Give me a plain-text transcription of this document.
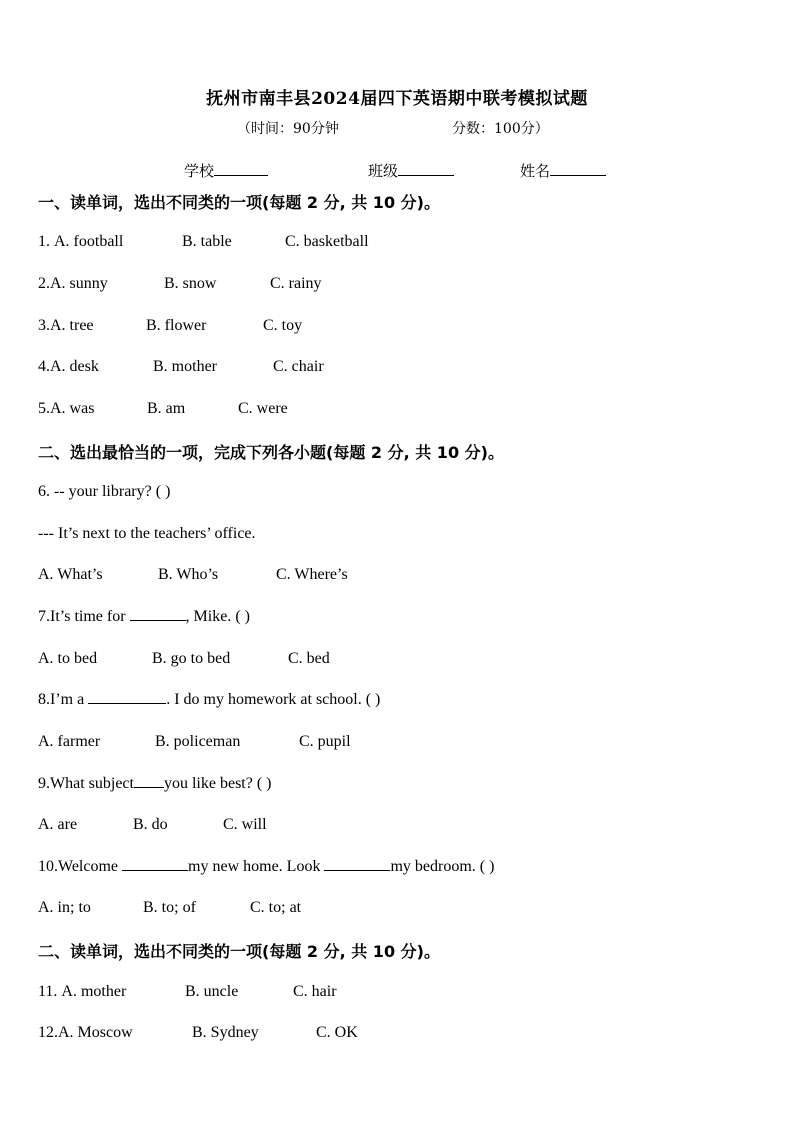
抚州市南丰县2024届四下英语期中联考模拟试题
（时间：90分钟	分数：100分）
学校	班级	姓名
一、读单词，选出不同类的一项(每题 2 分, 共 10 分)。
1. A. football	B. table	C. basketball
2.A. sunny	B. snow	C. rainy
3.A. tree	B. flower	C. toy
4.A. desk	B. mother	C. chair
5.A. was	B. am	C. were
二、选出最恰当的一项，完成下列各小题(每题 2 分, 共 10 分)。
6. -- your library? ( )
--- It’s next to the teachers’ office.
A. What’s	B. Who’s	C. Where’s
7.It’s time for	, Mike. ( )
A. to bed	B. go to bed	C. bed
8.I’m a	. I do my homework at school. ( )
A. farmer	B. policeman	C. pupil
9.What subject you like best? ( )
A. are	B. do	C. will
10.Welcome	my new home. Look	my bedroom. ( )
A. in; to	B. to; of	C. to; at
二、读单词，选出不同类的一项(每题 2 分, 共 10 分)。
11. A. mother	B. uncle	C. hair
12.A. Moscow	B. Sydney	C. OK
